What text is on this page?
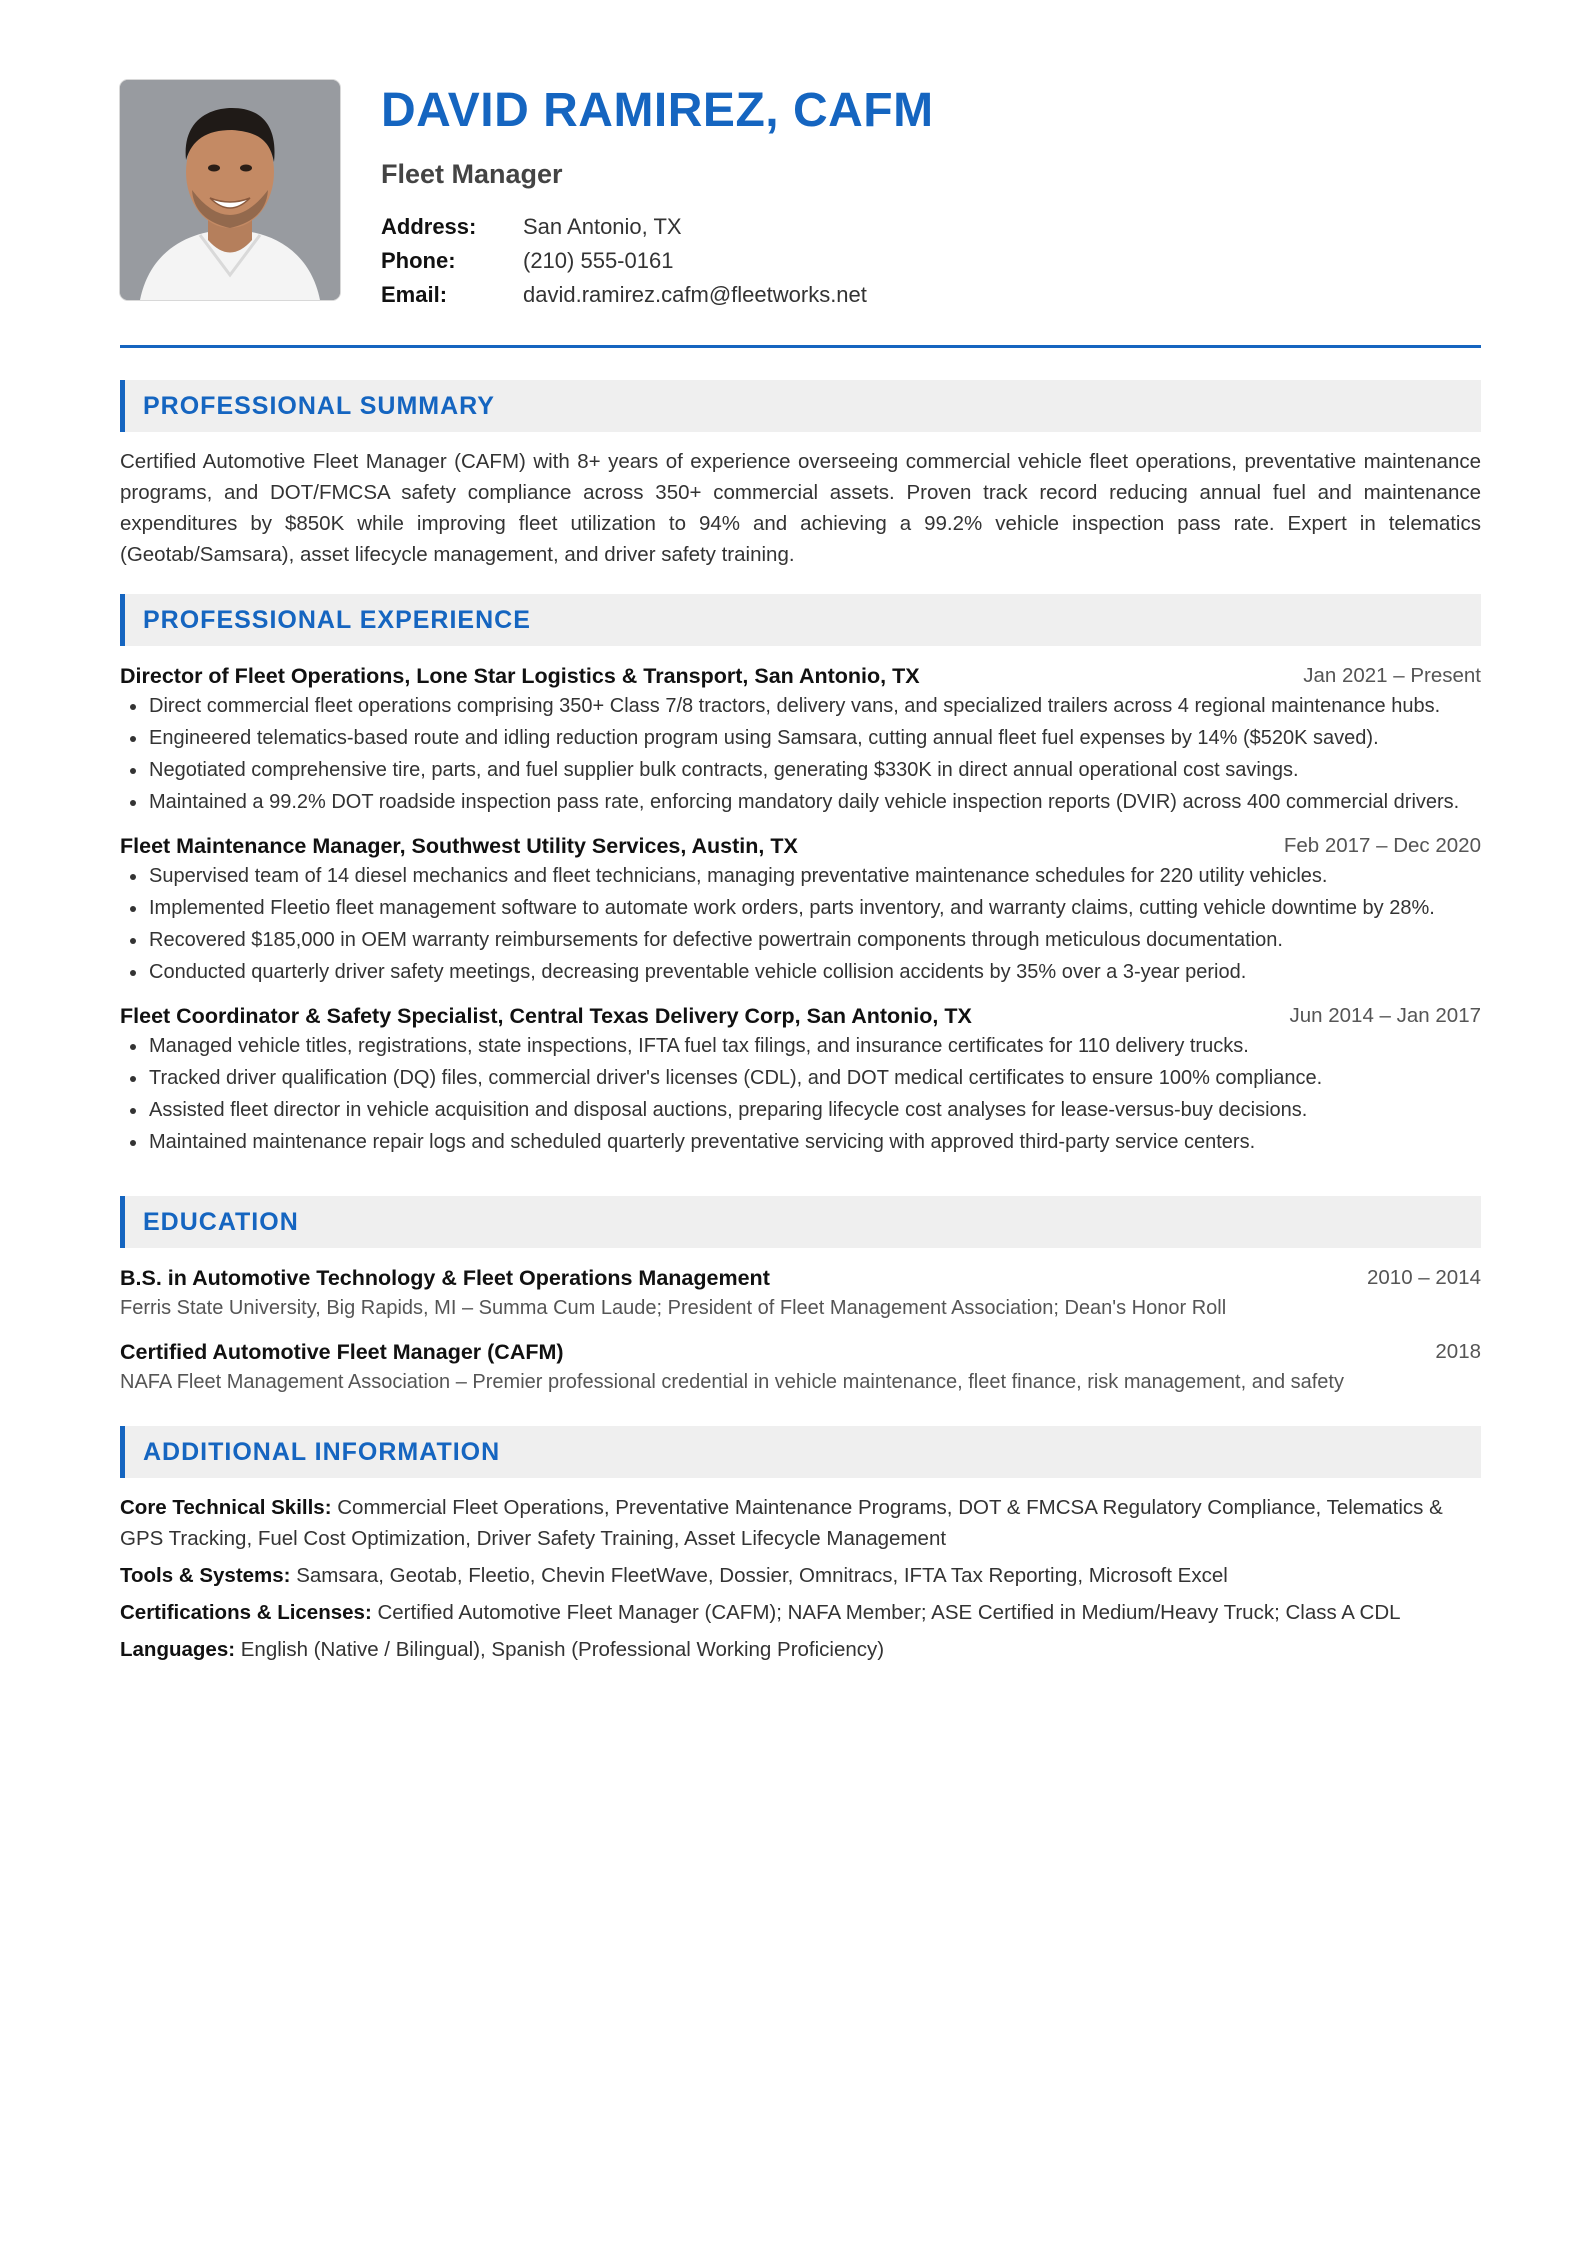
DAVID RAMIREZ, CAFM
Fleet Manager
Address:	San Antonio, TX
Phone:	(210) 555-0161
Email:	david.ramirez.cafm@fleetworks.net
PROFESSIONAL SUMMARY
Certified Automotive Fleet Manager (CAFM) with 8+ years of experience overseeing commercial vehicle fleet operations, preventative maintenance programs, and DOT/FMCSA safety compliance across 350+ commercial assets. Proven track record reducing annual fuel and maintenance expenditures by $850K while improving fleet utilization to 94% and achieving a 99.2% vehicle inspection pass rate. Expert in telematics (Geotab/Samsara), asset lifecycle management, and driver safety training.
PROFESSIONAL EXPERIENCE
Director of Fleet Operations, Lone Star Logistics & Transport, San Antonio, TX	Jan 2021 – Present
• Direct commercial fleet operations comprising 350+ Class 7/8 tractors, delivery vans, and specialized trailers across 4 regional maintenance hubs.
• Engineered telematics-based route and idling reduction program using Samsara, cutting annual fleet fuel expenses by 14% ($520K saved).
• Negotiated comprehensive tire, parts, and fuel supplier bulk contracts, generating $330K in direct annual operational cost savings.
• Maintained a 99.2% DOT roadside inspection pass rate, enforcing mandatory daily vehicle inspection reports (DVIR) across 400 commercial drivers.
Fleet Maintenance Manager, Southwest Utility Services, Austin, TX	Feb 2017 – Dec 2020
• Supervised team of 14 diesel mechanics and fleet technicians, managing preventative maintenance schedules for 220 utility vehicles.
• Implemented Fleetio fleet management software to automate work orders, parts inventory, and warranty claims, cutting vehicle downtime by 28%.
• Recovered $185,000 in OEM warranty reimbursements for defective powertrain components through meticulous documentation.
• Conducted quarterly driver safety meetings, decreasing preventable vehicle collision accidents by 35% over a 3-year period.
Fleet Coordinator & Safety Specialist, Central Texas Delivery Corp, San Antonio, TX	Jun 2014 – Jan 2017
• Managed vehicle titles, registrations, state inspections, IFTA fuel tax filings, and insurance certificates for 110 delivery trucks.
• Tracked driver qualification (DQ) files, commercial driver's licenses (CDL), and DOT medical certificates to ensure 100% compliance.
• Assisted fleet director in vehicle acquisition and disposal auctions, preparing lifecycle cost analyses for lease-versus-buy decisions.
• Maintained maintenance repair logs and scheduled quarterly preventative servicing with approved third-party service centers.
EDUCATION
B.S. in Automotive Technology & Fleet Operations Management	2010 – 2014
Ferris State University, Big Rapids, MI – Summa Cum Laude; President of Fleet Management Association; Dean's Honor Roll
Certified Automotive Fleet Manager (CAFM)	2018
NAFA Fleet Management Association – Premier professional credential in vehicle maintenance, fleet finance, risk management, and safety
ADDITIONAL INFORMATION
Core Technical Skills: Commercial Fleet Operations, Preventative Maintenance Programs, DOT & FMCSA Regulatory Compliance, Telematics & GPS Tracking, Fuel Cost Optimization, Driver Safety Training, Asset Lifecycle Management
Tools & Systems: Samsara, Geotab, Fleetio, Chevin FleetWave, Dossier, Omnitracs, IFTA Tax Reporting, Microsoft Excel
Certifications & Licenses: Certified Automotive Fleet Manager (CAFM); NAFA Member; ASE Certified in Medium/Heavy Truck; Class A CDL
Languages: English (Native / Bilingual), Spanish (Professional Working Proficiency)
